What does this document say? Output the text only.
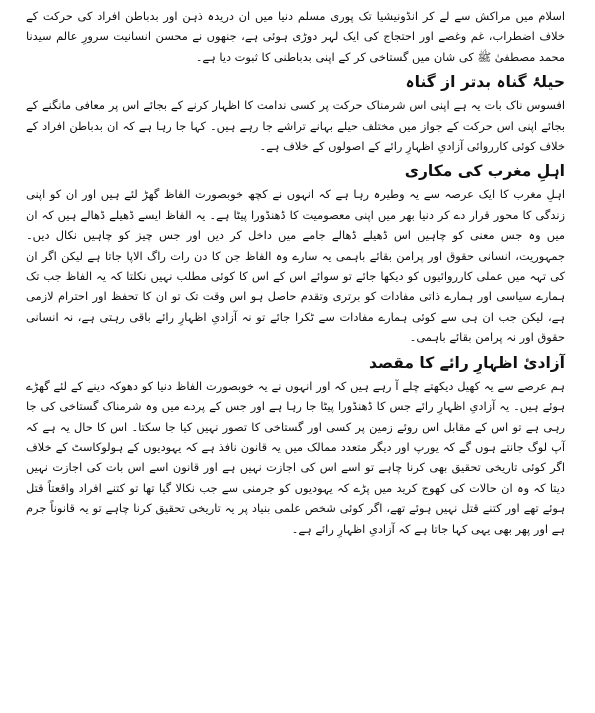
اسلام میں مراکش سے لے کر انڈونیشیا تک پوری مسلم دنیا میں ان دریدہ ذہن اور بدباطن افراد کی حرکت کے خلاف اضطراب، غم وغصے اور احتجاج کی ایک لہر دوڑی ہوئی ہے، جنھوں نے محسن انسانیت سرورِ عالم سیدنا محمد مصطفیٰ ﷺ کی شان میں گستاخی کر کے اپنی بدباطنی کا ثبوت دیا ہے۔

حیلۂ گناہ بدتر از گناہ

افسوس ناک بات یہ ہے اپنی اس شرمناک حرکت پر کسی ندامت کا اظہار کرنے کے بجائے اس پر معافی مانگنے کے بجائے اپنی اس حرکت کے جواز میں مختلف حیلے بہانے تراشے جا رہے ہیں۔ کہا جا رہا ہے کہ ان بدباطن افراد کے خلاف کوئی کارروائی آزادیِ اظہارِ رائے کے اصولوں کے خلاف ہے۔

اہلِ مغرب کی مکاری

اہلِ مغرب کا ایک عرصہ سے یہ وطیرہ رہا ہے کہ انہوں نے کچھ خوبصورت الفاظ گھڑ لئے ہیں اور ان کو اپنی زندگی کا محور قرار دے کر دنیا بھر میں اپنی معصومیت کا ڈھنڈورا پیٹا ہے۔ یہ الفاظ ایسے ڈھیلے ڈھالے ہیں کہ ان میں وہ جس معنی کو چاہیں اس ڈھیلے ڈھالے جامے میں داخل کر دیں اور جس چیز کو چاہیں نکال دیں۔ جمہوریت، انسانی حقوق اور پرامن بقائے باہمی یہ سارے وہ الفاظ جن کا دن رات راگ الاپا جاتا ہے لیکن اگر ان کی تہہ میں عملی کارروائیوں کو دیکھا جائے تو سوائے اس کے اس کا کوئی مطلب نہیں نکلتا کہ یہ الفاظ جب تک ہمارے سیاسی اور ہمارے ذاتی مفادات کو برتری وتقدم حاصل ہو اس وقت تک تو ان کا تحفظ اور احترام لازمی ہے، لیکن جب ان ہی سے کوئی ہمارے مفادات سے ٹکرا جائے تو نہ آزادیِ اظہارِ رائے باقی رہتی ہے، نہ انسانی حقوق اور نہ پرامن بقائے باہمی۔

آزادیٔ اظہارِ رائے کا مقصد

ہم عرصے سے یہ کھیل دیکھتے چلے آ رہے ہیں کہ اور انہوں نے یہ خوبصورت الفاظ دنیا کو دھوکہ دینے کے لئے گھڑے ہوئے ہیں۔ یہ آزادیِ اظہارِ رائے جس کا ڈھنڈورا پیٹا جا رہا ہے اور جس کے پردے میں وہ شرمناک گستاخی کی جا رہی ہے تو اس کے مقابل اس روئے زمین پر کسی اور گستاخی کا تصور نہیں کیا جا سکتا۔ اس کا حال یہ ہے کہ آپ لوگ جانتے ہوں گے کہ یورپ اور دیگر متعدد ممالک میں یہ قانون نافذ ہے کہ یہودیوں کے ہولوکاسٹ کے خلاف اگر کوئی تاریخی تحقیق بھی کرنا چاہے تو اسے اس کی اجازت نہیں ہے اور قانون اسے اس بات کی اجازت نہیں دیتا کہ وہ ان حالات کی کھوج کرید میں پڑے کہ یہودیوں کو جرمنی سے جب نکالا گیا تھا تو کتنے افراد واقعتاً قتل ہوئے تھے اور کتنے قتل نہیں ہوئے تھے، اگر کوئی شخص علمی بنیاد پر یہ تاریخی تحقیق کرنا چاہے تو یہ قانوناً جرم ہے اور پھر بھی یہی کہا جاتا ہے کہ آزادیِ اظہارِ رائے ہے۔
